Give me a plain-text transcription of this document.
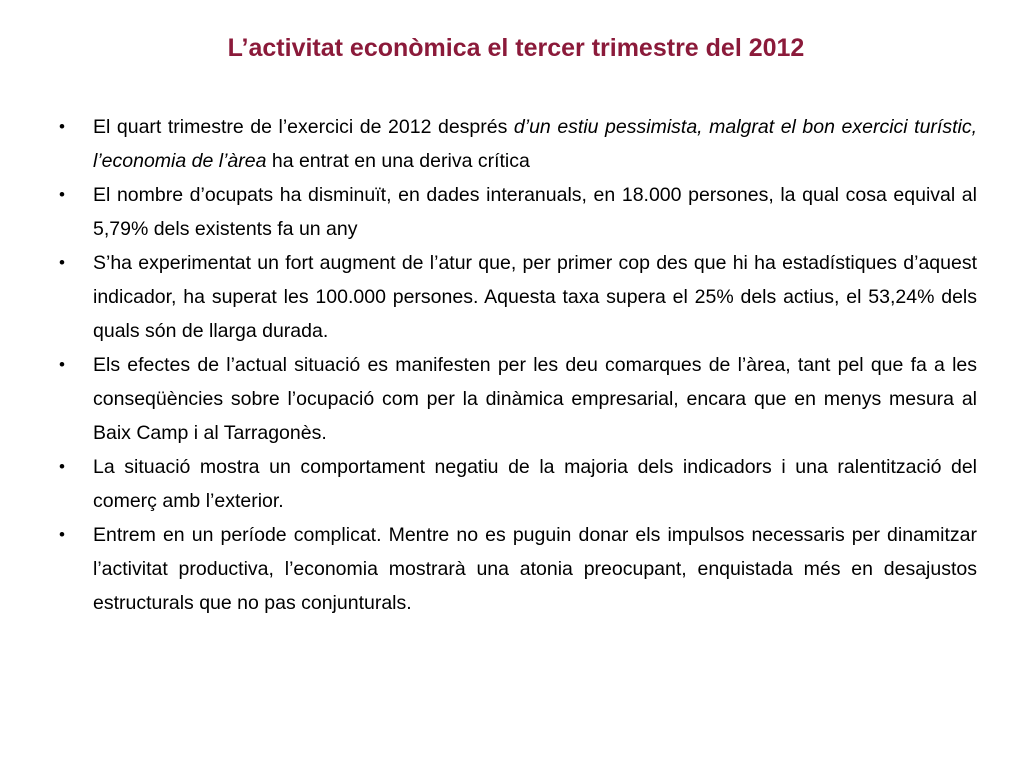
L’activitat econòmica el tercer trimestre del 2012
• El quart trimestre de l’exercici de 2012 després d’un estiu pessimista, malgrat el bon exercici turístic, l’economia de l’àrea ha entrat en una deriva crítica
• El nombre d’ocupats ha disminuït, en dades interanuals, en 18.000 persones, la qual cosa equival al 5,79% dels existents fa un any
• S’ha experimentat un fort augment de l’atur que, per primer cop des que hi ha estadístiques d’aquest indicador, ha superat les 100.000 persones. Aquesta taxa supera el 25% dels actius, el 53,24% dels quals són de llarga durada.
• Els efectes de l’actual situació es manifesten per les deu comarques de l’àrea, tant pel que fa a les conseqüències sobre l’ocupació com per la dinàmica empresarial, encara que en menys mesura al Baix Camp i al Tarragonès.
• La situació mostra un comportament negatiu de la majoria dels indicadors i una ralentització del comerç amb l’exterior.
• Entrem en un període complicat. Mentre no es puguin donar els impulsos necessaris per dinamitzar l’activitat productiva, l’economia mostrarà una atonia preocupant, enquistada més en desajustos estructurals que no pas conjunturals.
